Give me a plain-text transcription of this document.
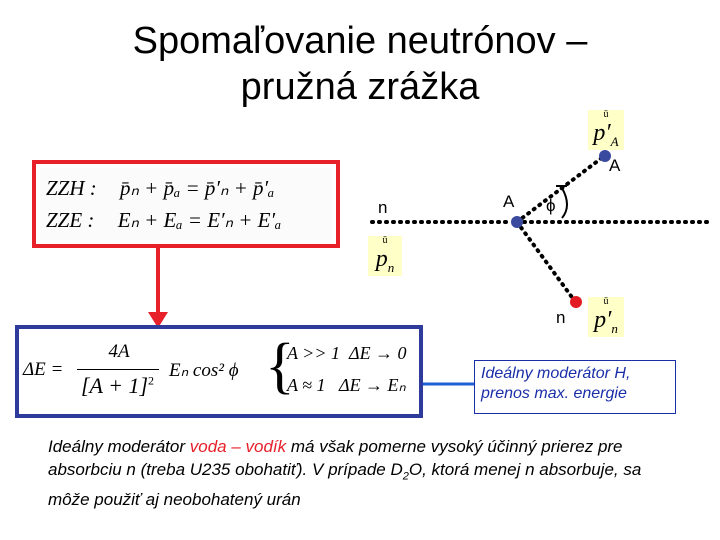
Spomaľovanie neutrónov –
pružná zrážka
n	A
A
n
ϕ
ū
$p_n$
ū
$p'_A$
ū
$p'_n$
ZZH : p̄ₙ + p̄ₐ = p̄′ₙ + p̄′ₐ
ZZE : Eₙ + Eₐ = E′ₙ + E′ₐ
ΔE =
4A
$[A + 1]^2$ Eₙ cos² ϕ {
A >> 1 ΔE → 0
A ≈ 1 ΔE → Eₙ
Ideálny moderátor H, prenos max. energie
Ideálny moderátor voda – vodík má však pomerne vysoký účinný prierez pre absorbciu n (treba U235 obohatiť). V prípade $D_2O$, ktorá menej n absorbuje, sa môže použiť aj neobohatený urán
